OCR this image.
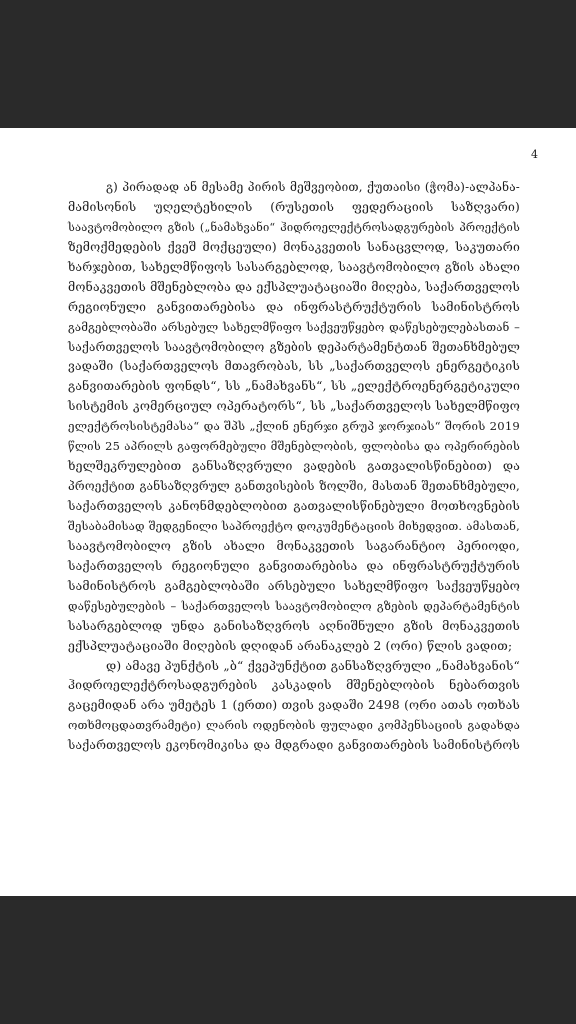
4
გ) პირადად ან მესამე პირის მეშვეობით, ქუთაისი (ჭომა)-ალპანა-
მამისონის უღელტეხილის (რუსეთის ფედერაციის საზღვარი)
საავტომობილო გზის („ნამახვანი“ ჰიდროელექტროსადგურების პროექტის
ზემოქმედების ქვეშ მოქცეული) მონაკვეთის სანაცვლოდ, საკუთარი
ხარჯებით, სახელმწიფოს სასარგებლოდ, საავტომობილო გზის ახალი
მონაკვეთის მშენებლობა და ექსპლუატაციაში მიღება, საქართველოს
რეგიონული განვითარებისა და ინფრასტრუქტურის სამინისტროს
გამგებლობაში არსებულ სახელმწიფო საქვეუწყებო დაწესებულებასთან –
საქართველოს საავტომობილო გზების დეპარტამენტთან შეთანხმებულ
ვადაში (საქართველოს მთავრობას, სს „საქართველოს ენერგეტიკის
განვითარების ფონდს“, სს „ნამახვანს“, სს „ელექტროენერგეტიკული
სისტემის კომერციულ ოპერატორს“, სს „საქართველოს სახელმწიფო
ელექტროსისტემასა“ და შპს „ქლინ ენერჯი გრუპ ჯორჯიას“ შორის 2019
წლის 25 აპრილს გაფორმებული მშენებლობის, ფლობისა და ოპერირების
ხელშეკრულებით განსაზღვრული ვადების გათვალისწინებით) და
პროექტით განსაზღვრულ განთვისების ზოლში, მასთან შეთანხმებული,
საქართველოს კანონმდებლობით გათვალისწინებული მოთხოვნების
შესაბამისად შედგენილი საპროექტო დოკუმენტაციის მიხედვით. ამასთან,
საავტომობილო გზის ახალი მონაკვეთის საგარანტიო პერიოდი,
საქართველოს რეგიონული განვითარებისა და ინფრასტრუქტურის
სამინისტროს გამგებლობაში არსებული სახელმწიფო საქვეუწყებო
დაწესებულების – საქართველოს საავტომობილო გზების დეპარტამენტის
სასარგებლოდ უნდა განისაზღვროს აღნიშნული გზის მონაკვეთის
ექსპლუატაციაში მიღების დღიდან არანაკლებ 2 (ორი) წლის ვადით;
დ) ამავე პუნქტის „ბ“ ქვეპუნქტით განსაზღვრული „ნამახვანის“
ჰიდროელექტროსადგურების კასკადის მშენებლობის ნებართვის
გაცემიდან არა უმეტეს 1 (ერთი) თვის ვადაში 2498 (ორი ათას ოთხას
ოთხმოცდათვრამეტი) ლარის ოდენობის ფულადი კომპენსაციის გადახდა
საქართველოს ეკონომიკისა და მდგრადი განვითარების სამინისტროს
